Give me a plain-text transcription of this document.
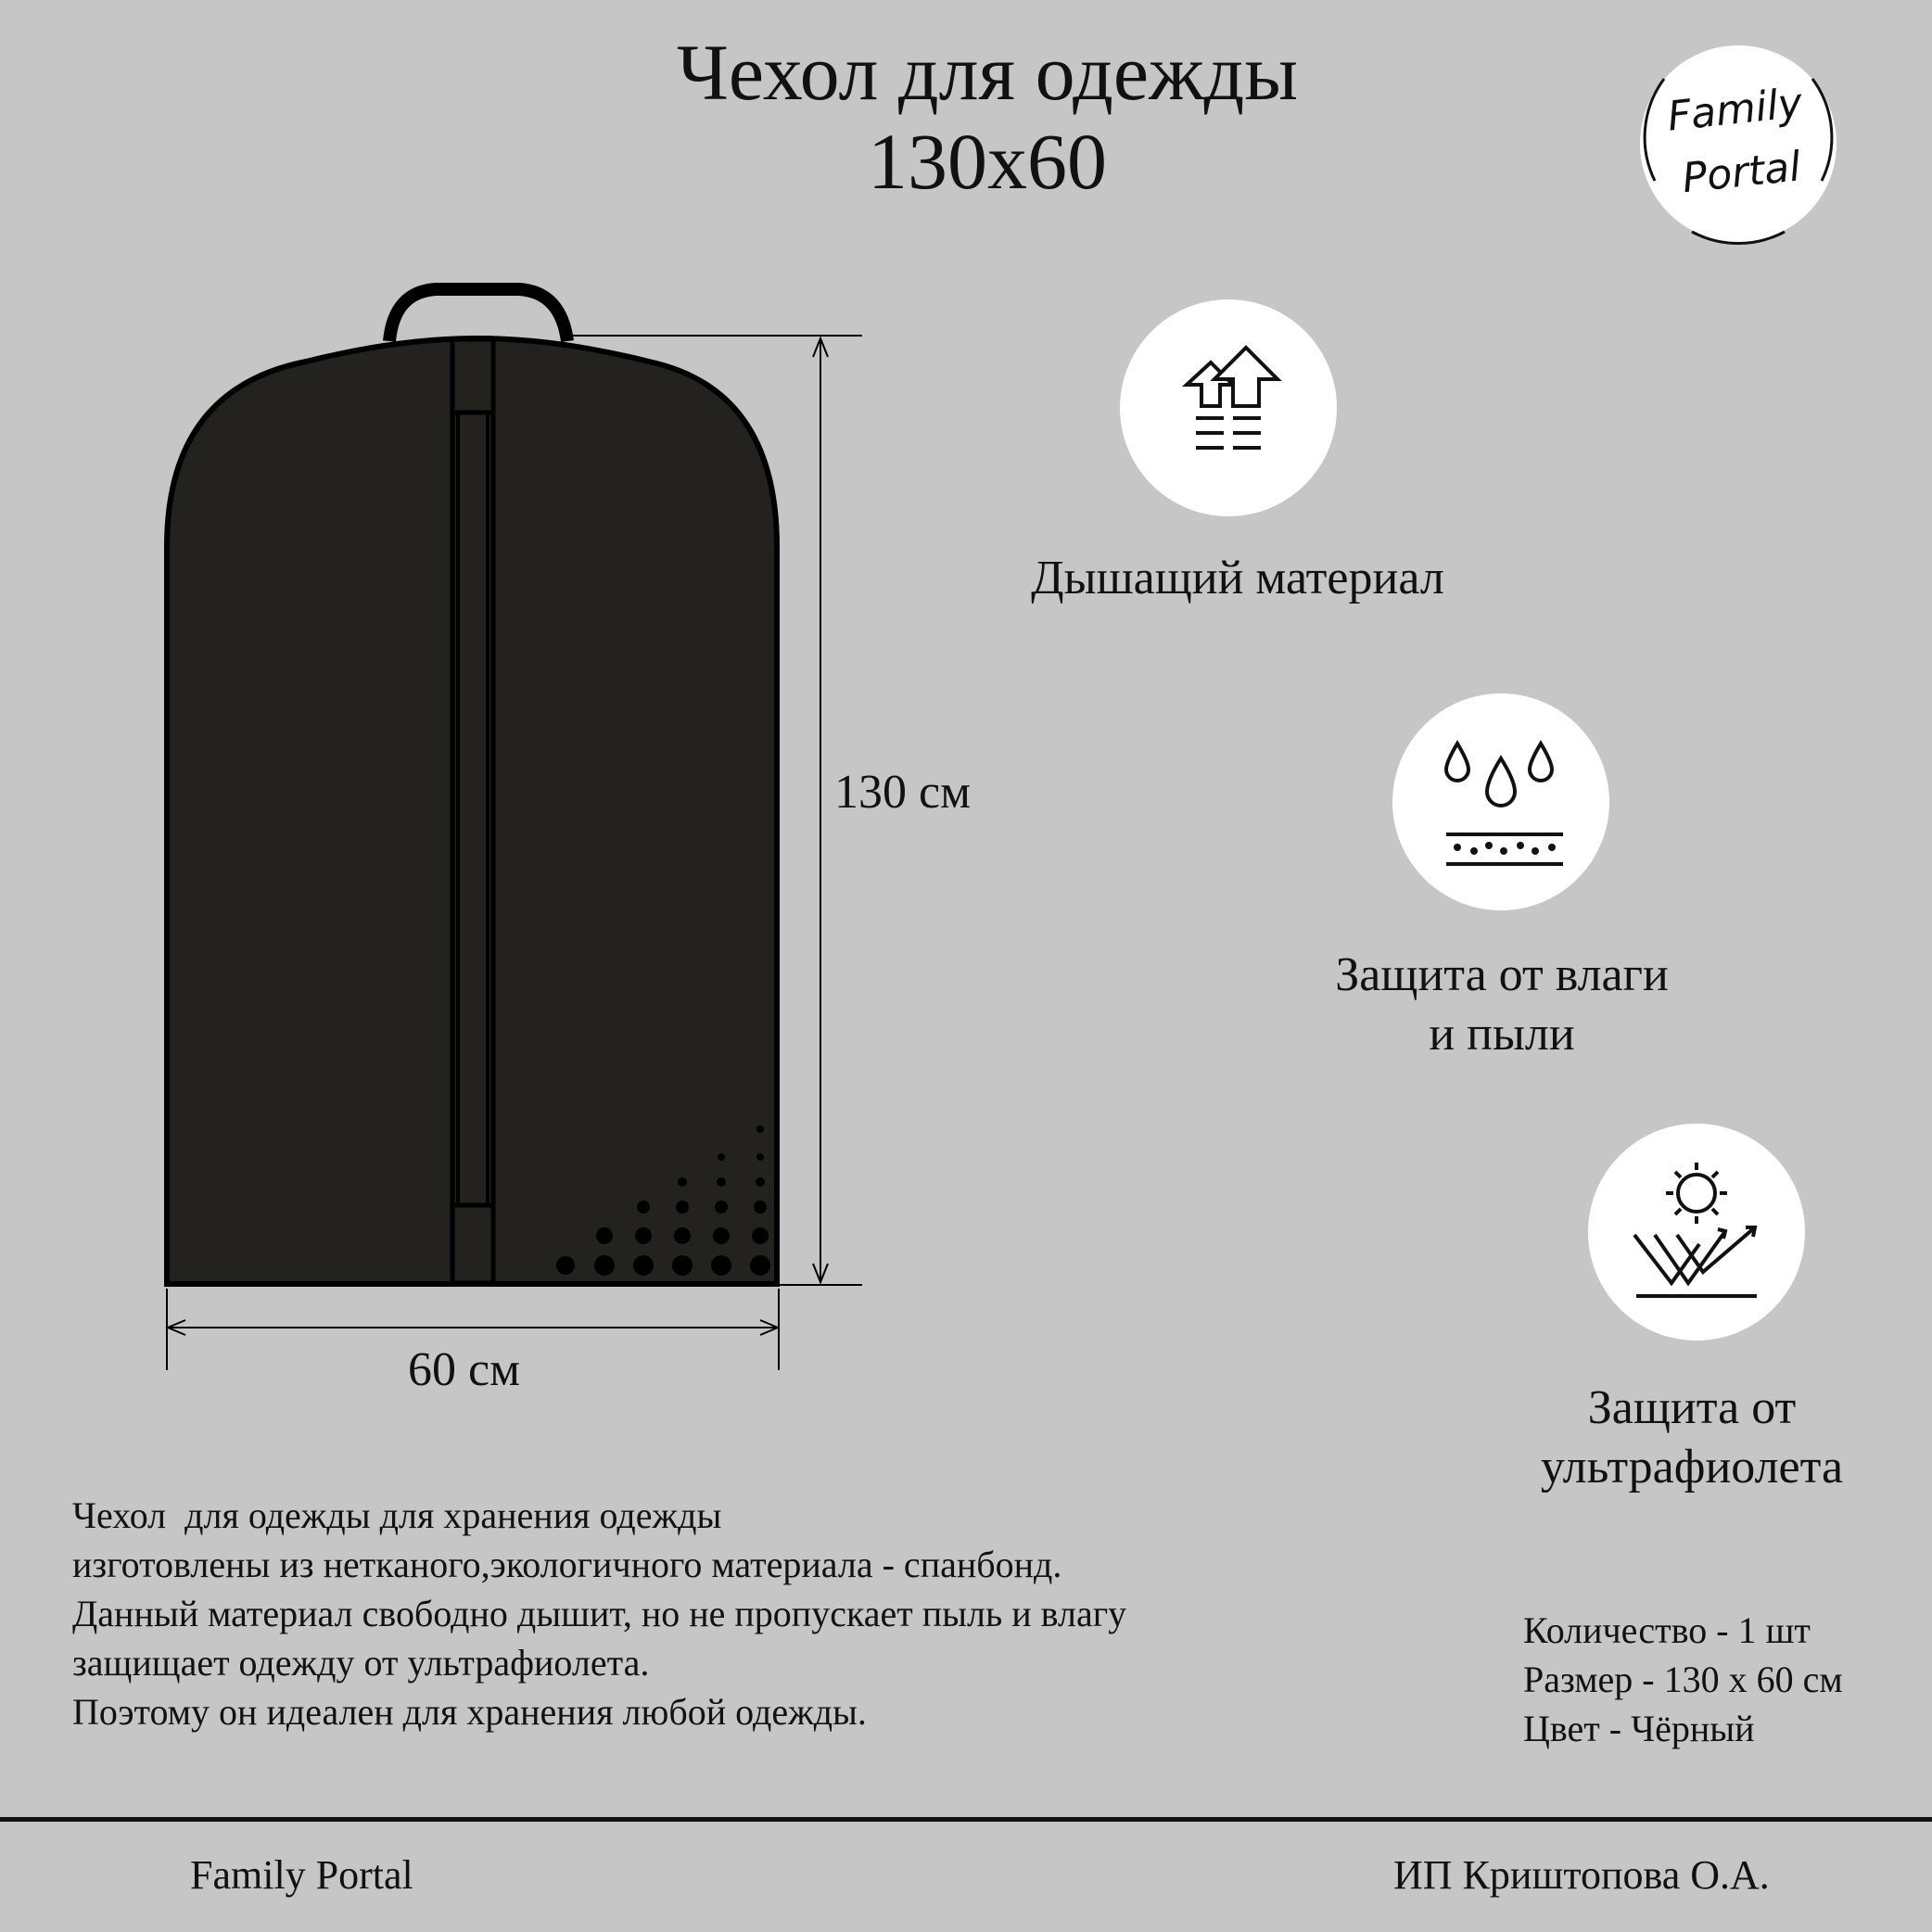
Чехол для одежды
130х60
Family
Portal
130 см
60 см
Дышащий материал
Защита от влаги
и пыли
Защита от
ультрафиолета
Чехол  для одежды для хранения одежды
изготовлены из нетканого,экологичного материала - спанбонд.
Данный материал свободно дышит, но не пропускает пыль и влагу
защищает одежду от ультрафиолета.
Поэтому он идеален для хранения любой одежды.
Количество - 1 шт
Размер - 130 х 60 см
Цвет - Чёрный
Family Portal	ИП Криштопова О.А.
